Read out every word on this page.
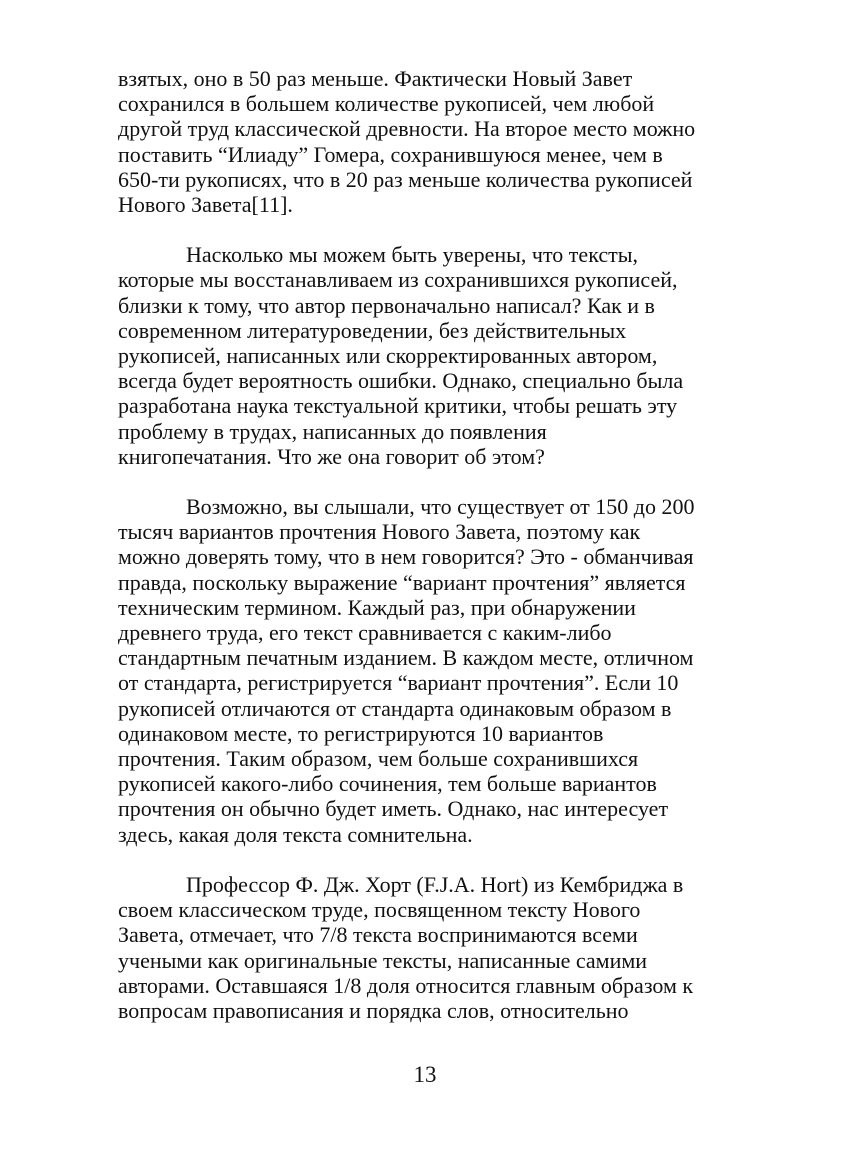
взятых, оно в 50 раз меньше. Фактически Новый Завет
сохранился в большем количестве рукописей, чем любой
другой труд классической древности. На второе место можно
поставить “Илиаду” Гомера, сохранившуюся менее, чем в
650-ти рукописях, что в 20 раз меньше количества рукописей
Нового Завета[11].

Насколько мы можем быть уверены, что тексты,
которые мы восстанавливаем из сохранившихся рукописей,
близки к тому, что автор первоначально написал? Как и в
современном литературоведении, без действительных
рукописей, написанных или скорректированных автором,
всегда будет вероятность ошибки. Однако, специально была
разработана наука текстуальной критики, чтобы решать эту
проблему в трудах, написанных до появления
книгопечатания. Что же она говорит об этом?

Возможно, вы слышали, что существует от 150 до 200
тысяч вариантов прочтения Нового Завета, поэтому как
можно доверять тому, что в нем говорится? Это - обманчивая
правда, поскольку выражение “вариант прочтения” является
техническим термином. Каждый раз, при обнаружении
древнего труда, его текст сравнивается с каким-либо
стандартным печатным изданием. В каждом месте, отличном
от стандарта, регистрируется “вариант прочтения”. Если 10
рукописей отличаются от стандарта одинаковым образом в
одинаковом месте, то регистрируются 10 вариантов
прочтения. Таким образом, чем больше сохранившихся
рукописей какого-либо сочинения, тем больше вариантов
прочтения он обычно будет иметь. Однако, нас интересует
здесь, какая доля текста сомнительна.

Профессор Ф. Дж. Хорт (F.J.A. Hort) из Кембриджа в
своем классическом труде, посвященном тексту Нового
Завета, отмечает, что 7/8 текста воспринимаются всеми
учеными как оригинальные тексты, написанные самими
авторами. Оставшаяся 1/8 доля относится главным образом к
вопросам правописания и порядка слов, относительно

13
